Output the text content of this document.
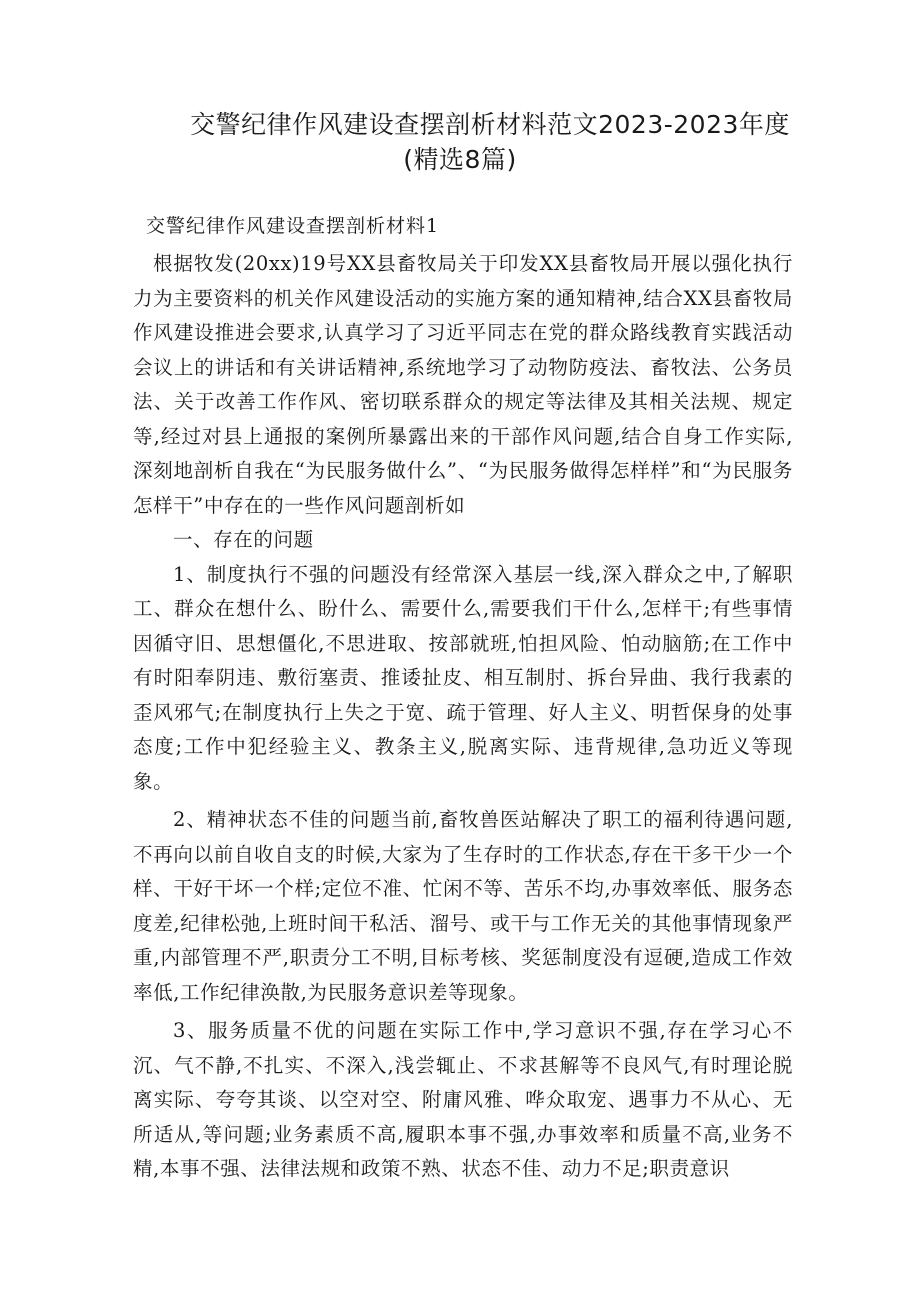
交警纪律作风建设查摆剖析材料范文2023-2023年度
(精选8篇)
交警纪律作风建设查摆剖析材料1

根据牧发(20xx)19号XX县畜牧局关于印发XX县畜牧局开展以强化执行力为主要资料的机关作风建设活动的实施方案的通知精神,结合XX县畜牧局作风建设推进会要求,认真学习了习近平同志在党的群众路线教育实践活动会议上的讲话和有关讲话精神,系统地学习了动物防疫法、畜牧法、公务员法、关于改善工作作风、密切联系群众的规定等法律及其相关法规、规定等,经过对县上通报的案例所暴露出来的干部作风问题,结合自身工作实际,深刻地剖析自我在“为民服务做什么”、“为民服务做得怎样样”和“为民服务怎样干”中存在的一些作风问题剖析如

一、存在的问题

1、制度执行不强的问题没有经常深入基层一线,深入群众之中,了解职工、群众在想什么、盼什么、需要什么,需要我们干什么,怎样干;有些事情因循守旧、思想僵化,不思进取、按部就班,怕担风险、怕动脑筋;在工作中有时阳奉阴违、敷衍塞责、推诿扯皮、相互制肘、拆台异曲、我行我素的歪风邪气;在制度执行上失之于宽、疏于管理、好人主义、明哲保身的处事态度;工作中犯经验主义、教条主义,脱离实际、违背规律,急功近义等现象。

2、精神状态不佳的问题当前,畜牧兽医站解决了职工的福利待遇问题,不再向以前自收自支的时候,大家为了生存时的工作状态,存在干多干少一个样、干好干坏一个样;定位不准、忙闲不等、苦乐不均,办事效率低、服务态度差,纪律松弛,上班时间干私活、溜号、或干与工作无关的其他事情现象严重,内部管理不严,职责分工不明,目标考核、奖惩制度没有逗硬,造成工作效率低,工作纪律涣散,为民服务意识差等现象。

3、服务质量不优的问题在实际工作中,学习意识不强,存在学习心不沉、气不静,不扎实、不深入,浅尝辄止、不求甚解等不良风气,有时理论脱离实际、夸夸其谈、以空对空、附庸风雅、哗众取宠、遇事力不从心、无所适从,等问题;业务素质不高,履职本事不强,办事效率和质量不高,业务不精,本事不强、法律法规和政策不熟、状态不佳、动力不足;职责意识
